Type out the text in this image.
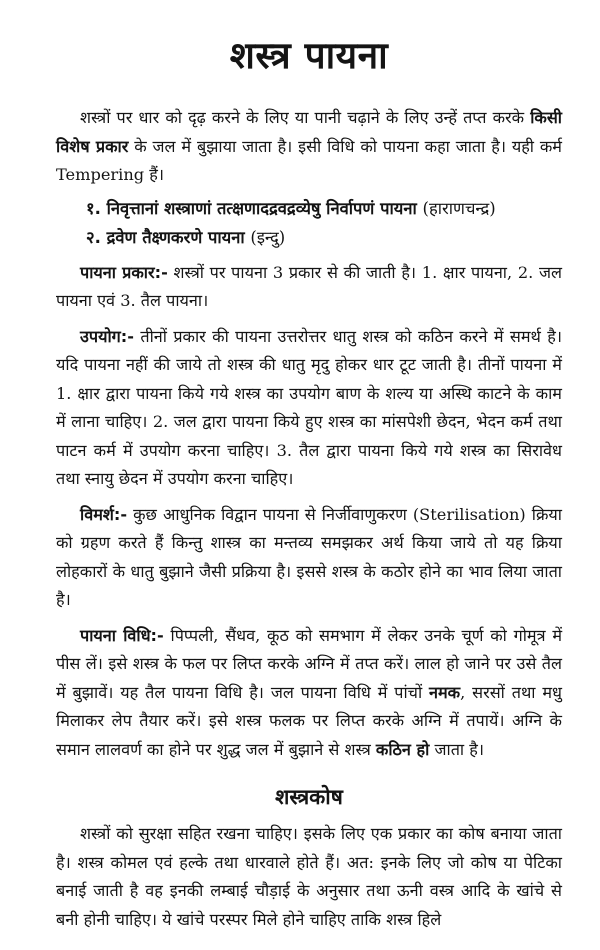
शस्त्र पायना

शस्त्रों पर धार को दृढ़ करने के लिए या पानी चढ़ाने के लिए उन्हें तप्त करके किसी विशेष प्रकार के जल में बुझाया जाता है। इसी विधि को पायना कहा जाता है। यही कर्म Tempering हैं।

१. निवृत्तानां शस्त्राणां तत्क्षणादद्रवद्रव्येषु निर्वापणं पायना (हाराणचन्द्र)
२. द्रवेण तैक्ष्णकरणे पायना (इन्दु)

पायना प्रकार:- शस्त्रों पर पायना 3 प्रकार से की जाती है। 1. क्षार पायना, 2. जल पायना एवं 3. तैल पायना।

उपयोग:- तीनों प्रकार की पायना उत्तरोत्तर धातु शस्त्र को कठिन करने में समर्थ है। यदि पायना नहीं की जाये तो शस्त्र की धातु मृदु होकर धार टूट जाती है। तीनों पायना में 1. क्षार द्वारा पायना किये गये शस्त्र का उपयोग बाण के शल्य या अस्थि काटने के काम में लाना चाहिए। 2. जल द्वारा पायना किये हुए शस्त्र का मांसपेशी छेदन, भेदन कर्म तथा पाटन कर्म में उपयोग करना चाहिए। 3. तैल द्वारा पायना किये गये शस्त्र का सिरावेध तथा स्नायु छेदन में उपयोग करना चाहिए।

विमर्श:- कुछ आधुनिक विद्वान पायना से निर्जीवाणुकरण (Sterilisation) क्रिया को ग्रहण करते हैं किन्तु शास्त्र का मन्तव्य समझकर अर्थ किया जाये तो यह क्रिया लोहकारों के धातु बुझाने जैसी प्रक्रिया है। इससे शस्त्र के कठोर होने का भाव लिया जाता है।

पायना विधि:- पिप्पली, सैंधव, कूठ को समभाग में लेकर उनके चूर्ण को गोमूत्र में पीस लें। इसे शस्त्र के फल पर लिप्त करके अग्नि में तप्त करें। लाल हो जाने पर उसे तैल में बुझावें। यह तैल पायना विधि है। जल पायना विधि में पांचों नमक, सरसों तथा मधु मिलाकर लेप तैयार करें। इसे शस्त्र फलक पर लिप्त करके अग्नि में तपायें। अग्नि के समान लालवर्ण का होने पर शुद्ध जल में बुझाने से शस्त्र कठिन हो जाता है।

शस्त्रकोष

शस्त्रों को सुरक्षा सहित रखना चाहिए। इसके लिए एक प्रकार का कोष बनाया जाता है। शस्त्र कोमल एवं हल्के तथा धारवाले होते हैं। अत: इनके लिए जो कोष या पेटिका बनाई जाती है वह इनकी लम्बाई चौड़ाई के अनुसार तथा ऊनी वस्त्र आदि के खांचे से बनी होनी चाहिए। ये खांचे परस्पर मिले होने चाहिए ताकि शस्त्र हिले
